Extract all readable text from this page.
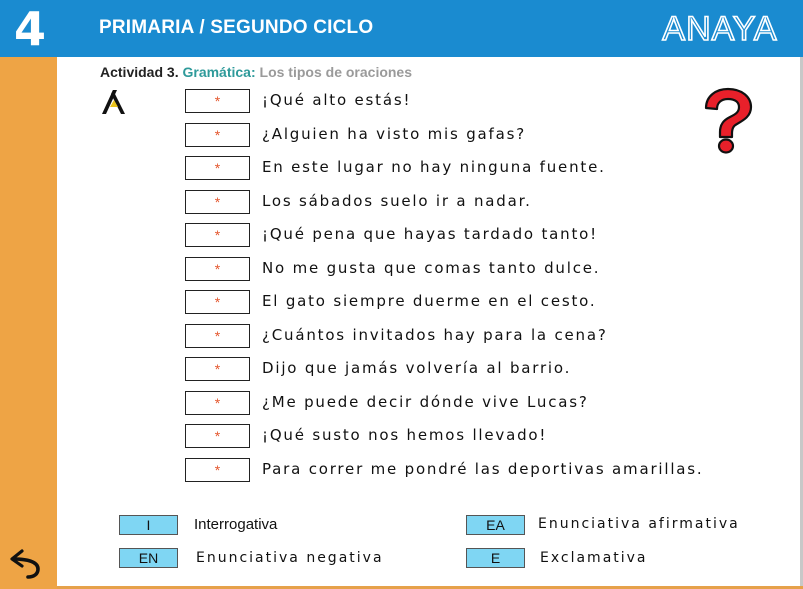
4	PRIMARIA / SEGUNDO CICLO	ANAYA
Actividad 3. Gramática: Los tipos de oraciones
*	¡Qué alto estás!
*	¿Alguien ha visto mis gafas?
*	En este lugar no hay ninguna fuente.
*	Los sábados suelo ir a nadar.
*	¡Qué pena que hayas tardado tanto!
*	No me gusta que comas tanto dulce.
*	El gato siempre duerme en el cesto.
*	¿Cuántos invitados hay para la cena?
*	Dijo que jamás volvería al barrio.
*	¿Me puede decir dónde vive Lucas?
*	¡Qué susto nos hemos llevado!
*	Para correr me pondré las deportivas amarillas.
I	Interrogativa
EN	Enunciativa negativa
EA	Enunciativa afirmativa
E	Exclamativa
